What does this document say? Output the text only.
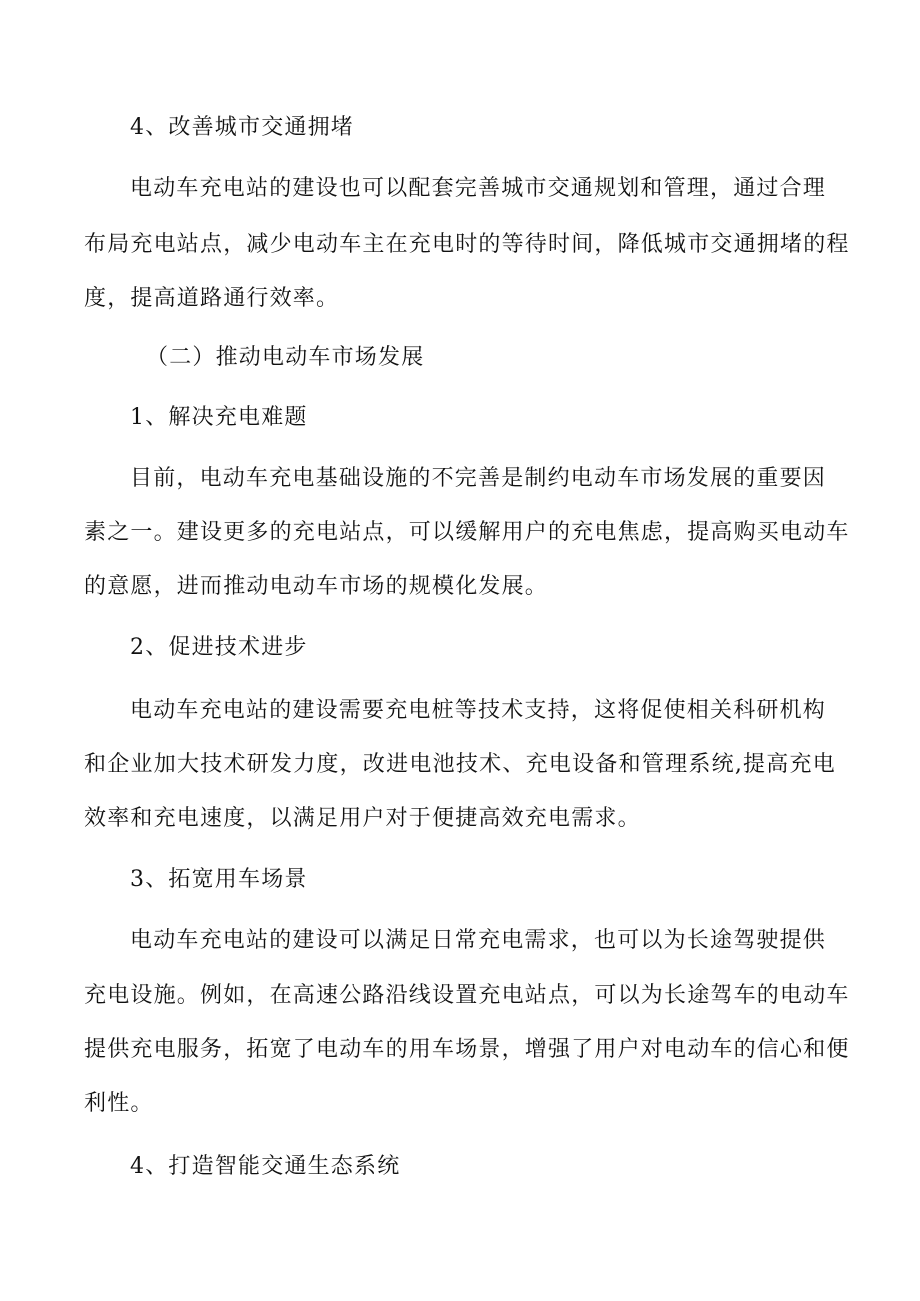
4、改善城市交通拥堵
电动车充电站的建设也可以配套完善城市交通规划和管理，通过合理
布局充电站点，减少电动车主在充电时的等待时间，降低城市交通拥堵的程
度，提高道路通行效率。
（二）推动电动车市场发展
1、解决充电难题
目前，电动车充电基础设施的不完善是制约电动车市场发展的重要因
素之一。建设更多的充电站点，可以缓解用户的充电焦虑，提高购买电动车
的意愿，进而推动电动车市场的规模化发展。
2、促进技术进步
电动车充电站的建设需要充电桩等技术支持，这将促使相关科研机构
和企业加大技术研发力度，改进电池技术、充电设备和管理系统,提高充电
效率和充电速度，以满足用户对于便捷高效充电需求。
3、拓宽用车场景
电动车充电站的建设可以满足日常充电需求，也可以为长途驾驶提供
充电设施。例如，在高速公路沿线设置充电站点，可以为长途驾车的电动车
提供充电服务，拓宽了电动车的用车场景，增强了用户对电动车的信心和便
利性。
4、打造智能交通生态系统
